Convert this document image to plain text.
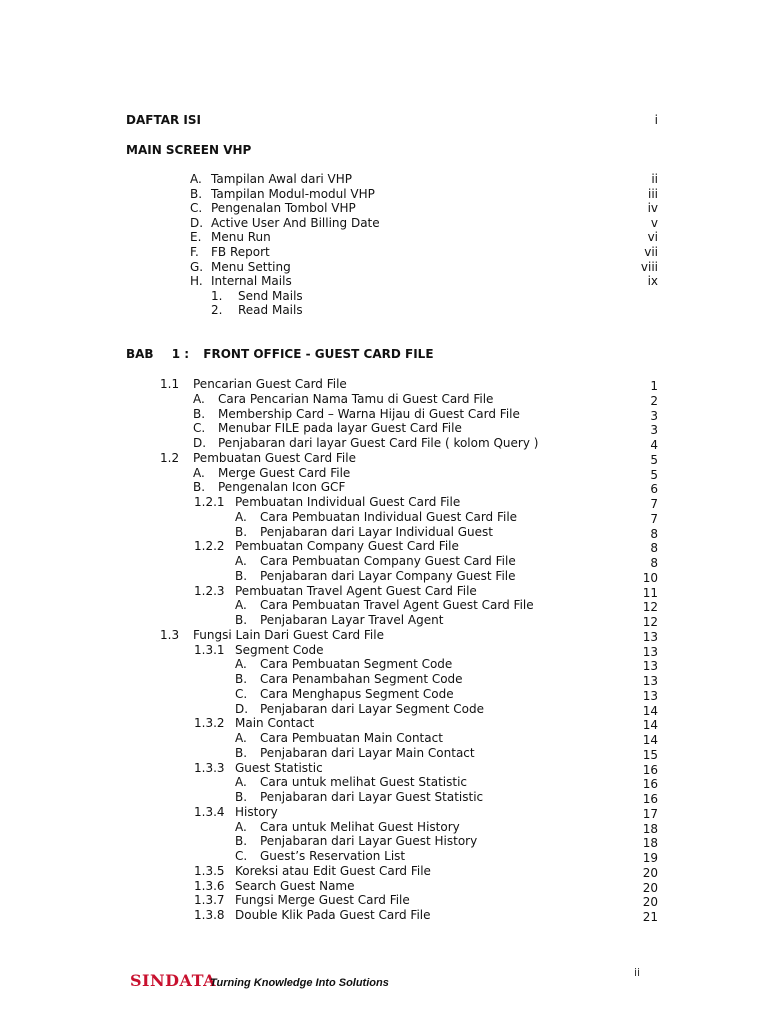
DAFTAR ISI	i
MAIN SCREEN VHP
A. Tampilan Awal dari VHP	ii
B. Tampilan Modul-modul VHP	iii
C. Pengenalan Tombol VHP	iv
D. Active User And Billing Date	v
E. Menu Run	vi
F. FB Report	vii
G. Menu Setting	viii
H. Internal Mails	ix
1. Send Mails
2. Read Mails
BAB 1 : FRONT OFFICE - GUEST CARD FILE
1.1 Pencarian Guest Card File	1
A. Cara Pencarian Nama Tamu di Guest Card File	2
B. Membership Card – Warna Hijau di Guest Card File	3
C. Menubar FILE pada layar Guest Card File	3
D. Penjabaran dari layar Guest Card File ( kolom Query )	4
1.2 Pembuatan Guest Card File	5
A. Merge Guest Card File	5
B. Pengenalan Icon GCF	6
1.2.1 Pembuatan Individual Guest Card File	7
A. Cara Pembuatan Individual Guest Card File	7
B. Penjabaran dari Layar Individual Guest	8
1.2.2 Pembuatan Company Guest Card File	8
A. Cara Pembuatan Company Guest Card File	8
B. Penjabaran dari Layar Company Guest File	10
1.2.3 Pembuatan Travel Agent Guest Card File	11
A. Cara Pembuatan Travel Agent Guest Card File	12
B. Penjabaran Layar Travel Agent	12
1.3 Fungsi Lain Dari Guest Card File	13
1.3.1 Segment Code	13
A. Cara Pembuatan Segment Code	13
B. Cara Penambahan Segment Code	13
C. Cara Menghapus Segment Code	13
D. Penjabaran dari Layar Segment Code	14
1.3.2 Main Contact	14
A. Cara Pembuatan Main Contact	14
B. Penjabaran dari Layar Main Contact	15
1.3.3 Guest Statistic	16
A. Cara untuk melihat Guest Statistic	16
B. Penjabaran dari Layar Guest Statistic	16
1.3.4 History	17
A. Cara untuk Melihat Guest History	18
B. Penjabaran dari Layar Guest History	18
C. Guest’s Reservation List	19
1.3.5 Koreksi atau Edit Guest Card File	20
1.3.6 Search Guest Name	20
1.3.7 Fungsi Merge Guest Card File	20
1.3.8 Double Klik Pada Guest Card File	21
SINDATA
Turning Knowledge Into Solutions
ii
